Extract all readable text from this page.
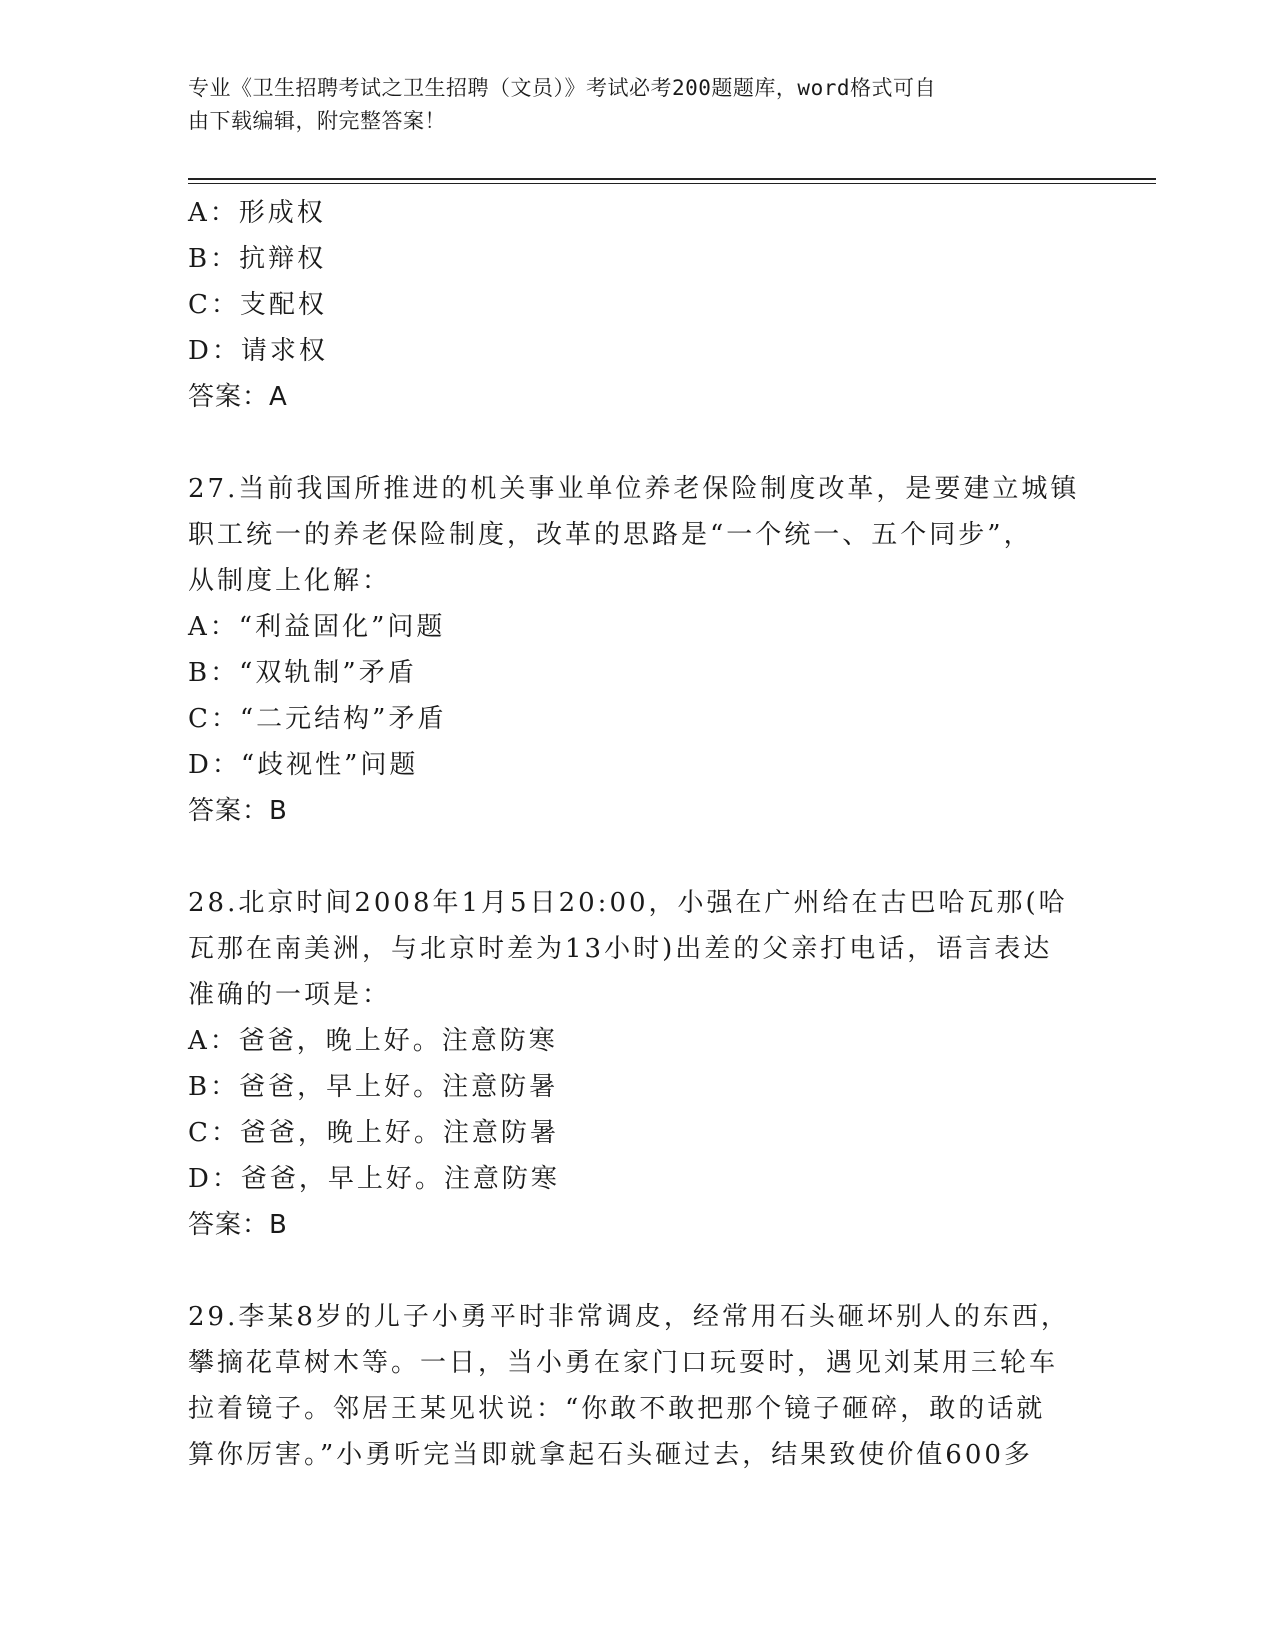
专业《卫生招聘考试之卫生招聘（文员）》考试必考200题题库，word格式可自
由下载编辑，附完整答案！
A：形成权
B：抗辩权
C：支配权
D：请求权
答案：A
27.当前我国所推进的机关事业单位养老保险制度改革，是要建立城镇
职工统一的养老保险制度，改革的思路是“一个统一、五个同步”，
从制度上化解：
A：“利益固化”问题
B：“双轨制”矛盾
C：“二元结构”矛盾
D：“歧视性”问题
答案：B
28.北京时间2008年1月5日20:00，小强在广州给在古巴哈瓦那(哈
瓦那在南美洲，与北京时差为13小时)出差的父亲打电话，语言表达
准确的一项是：
A：爸爸，晚上好。注意防寒
B：爸爸，早上好。注意防暑
C：爸爸，晚上好。注意防暑
D：爸爸，早上好。注意防寒
答案：B
29.李某8岁的儿子小勇平时非常调皮，经常用石头砸坏别人的东西，
攀摘花草树木等。一日，当小勇在家门口玩耍时，遇见刘某用三轮车
拉着镜子。邻居王某见状说：“你敢不敢把那个镜子砸碎，敢的话就
算你厉害。”小勇听完当即就拿起石头砸过去，结果致使价值600多
